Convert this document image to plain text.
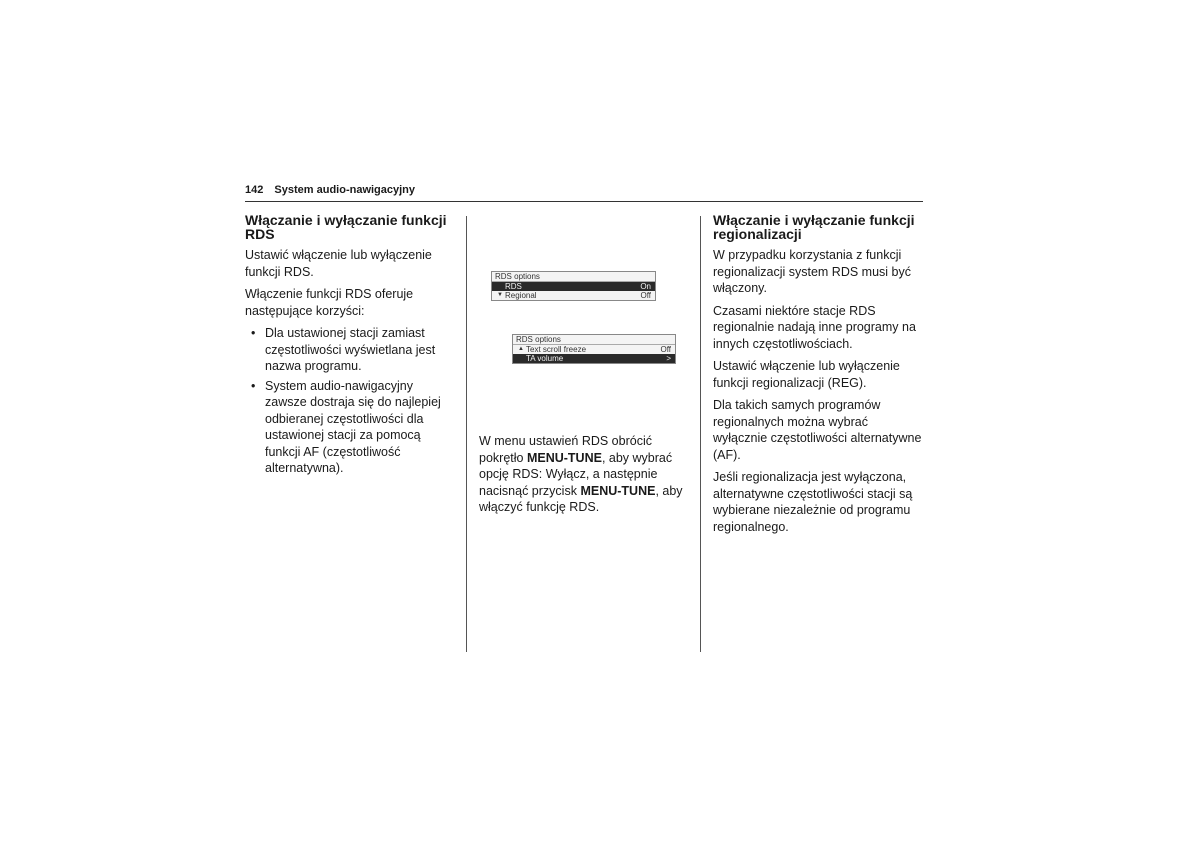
142 System audio-nawigacyjny
Włączanie i wyłączanie funkcji RDS

Ustawić włączenie lub wyłączenie funkcji RDS.

Włączenie funkcji RDS oferuje następujące korzyści:

• Dla ustawionej stacji zamiast częstotliwości wyświetlana jest nazwa programu.
• System audio-nawigacyjny zawsze dostraja się do najlepiej odbieranej częstotliwości dla ustawionej stacji za pomocą funkcji AF (częstotliwość alternatywna).
RDS options
RDS	On
▼ Regional	Off
RDS options
▲ Text scroll freeze	Off
TA volume	>

W menu ustawień RDS obrócić pokrętło MENU-TUNE, aby wybrać opcję RDS: Wyłącz, a następnie nacisnąć przycisk MENU-TUNE, aby włączyć funkcję RDS.

Włączanie i wyłączanie funkcji regionalizacji

W przypadku korzystania z funkcji regionalizacji system RDS musi być włączony.

Czasami niektóre stacje RDS regionalnie nadają inne programy na innych częstotliwościach.

Ustawić włączenie lub wyłączenie funkcji regionalizacji (REG).

Dla takich samych programów regionalnych można wybrać wyłącznie częstotliwości alternatywne (AF).

Jeśli regionalizacja jest wyłączona, alternatywne częstotliwości stacji są wybierane niezależnie od programu regionalnego.
